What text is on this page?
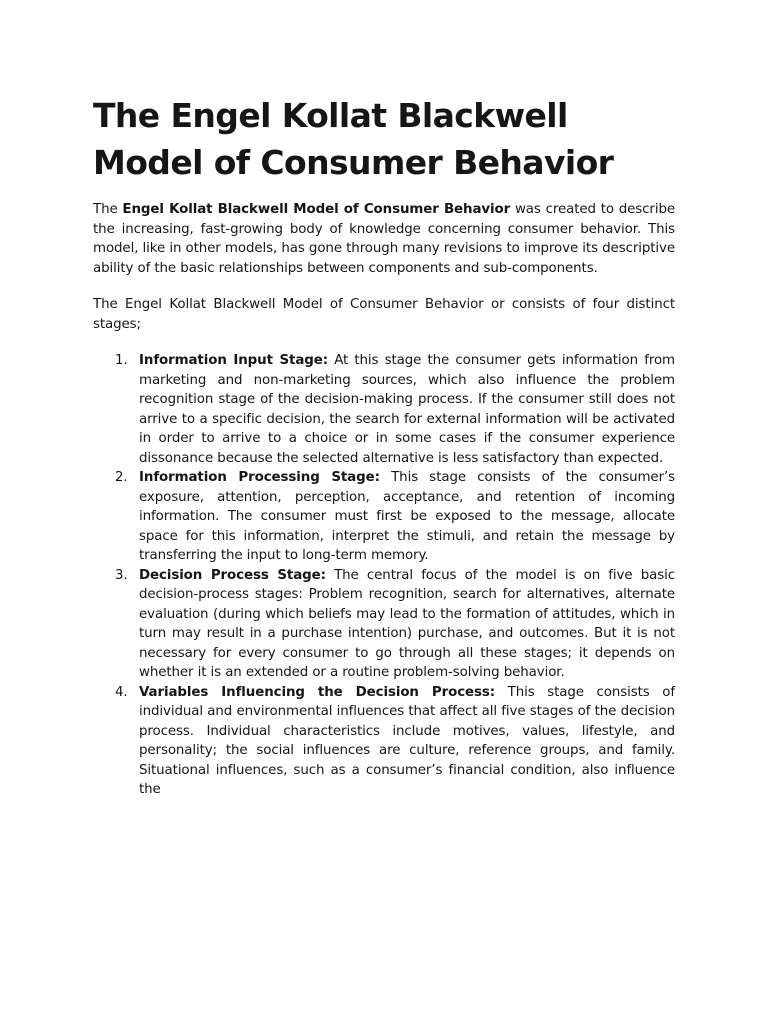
The Engel Kollat Blackwell Model of Consumer Behavior

The Engel Kollat Blackwell Model of Consumer Behavior was created to describe the increasing, fast-growing body of knowledge concerning consumer behavior. This model, like in other models, has gone through many revisions to improve its descriptive ability of the basic relationships between components and sub-components.

The Engel Kollat Blackwell Model of Consumer Behavior or consists of four distinct stages;

1. Information Input Stage: At this stage the consumer gets information from marketing and non-marketing sources, which also influence the problem recognition stage of the decision-making process. If the consumer still does not arrive to a specific decision, the search for external information will be activated in order to arrive to a choice or in some cases if the consumer experience dissonance because the selected alternative is less satisfactory than expected.
2. Information Processing Stage: This stage consists of the consumer’s exposure, attention, perception, acceptance, and retention of incoming information. The consumer must first be exposed to the message, allocate space for this information, interpret the stimuli, and retain the message by transferring the input to long-term memory.
3. Decision Process Stage: The central focus of the model is on five basic decision-process stages: Problem recognition, search for alternatives, alternate evaluation (during which beliefs may lead to the formation of attitudes, which in turn may result in a purchase intention) purchase, and outcomes. But it is not necessary for every consumer to go through all these stages; it depends on whether it is an extended or a routine problem-solving behavior.
4. Variables Influencing the Decision Process: This stage consists of individual and environmental influences that affect all five stages of the decision process. Individual characteristics include motives, values, lifestyle, and personality; the social influences are culture, reference groups, and family. Situational influences, such as a consumer’s financial condition, also influence the
